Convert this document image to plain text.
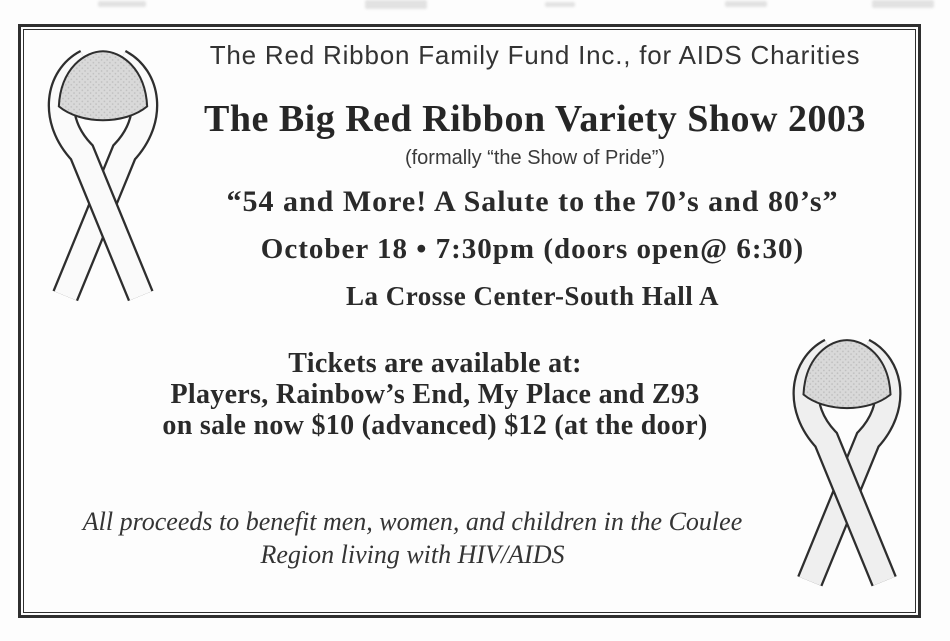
The Red Ribbon Family Fund Inc., for AIDS Charities
The Big Red Ribbon Variety Show 2003
(formally “the Show of Pride”)
“54 and More! A Salute to the 70’s and 80’s”
October 18 • 7:30pm (doors open@ 6:30)
La Crosse Center-South Hall A
Tickets are available at:
Players, Rainbow’s End, My Place and Z93
on sale now $10 (advanced) $12 (at the door)
All proceeds to benefit men, women, and children in the Coulee
Region living with HIV/AIDS
